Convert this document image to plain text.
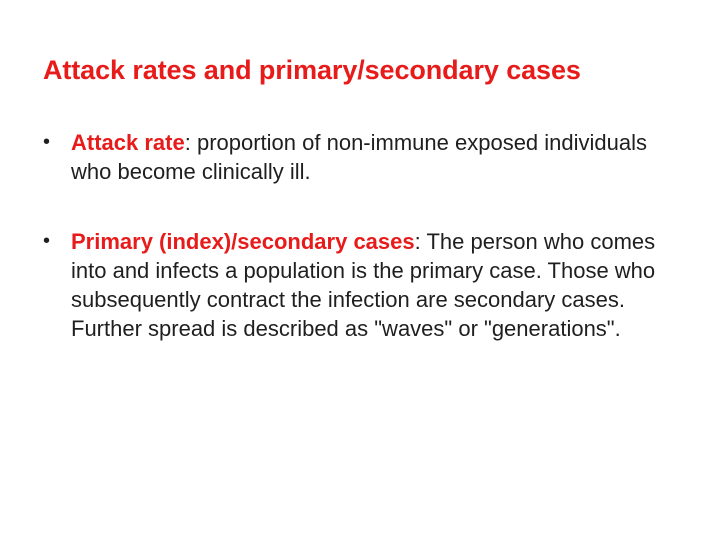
Attack rates and primary/secondary cases
• Attack rate: proportion of non-immune exposed individuals who become clinically ill.
• Primary (index)/secondary cases: The person who comes into and infects a population is the primary case. Those who subsequently contract the infection are secondary cases. Further spread is described as "waves" or "generations".
